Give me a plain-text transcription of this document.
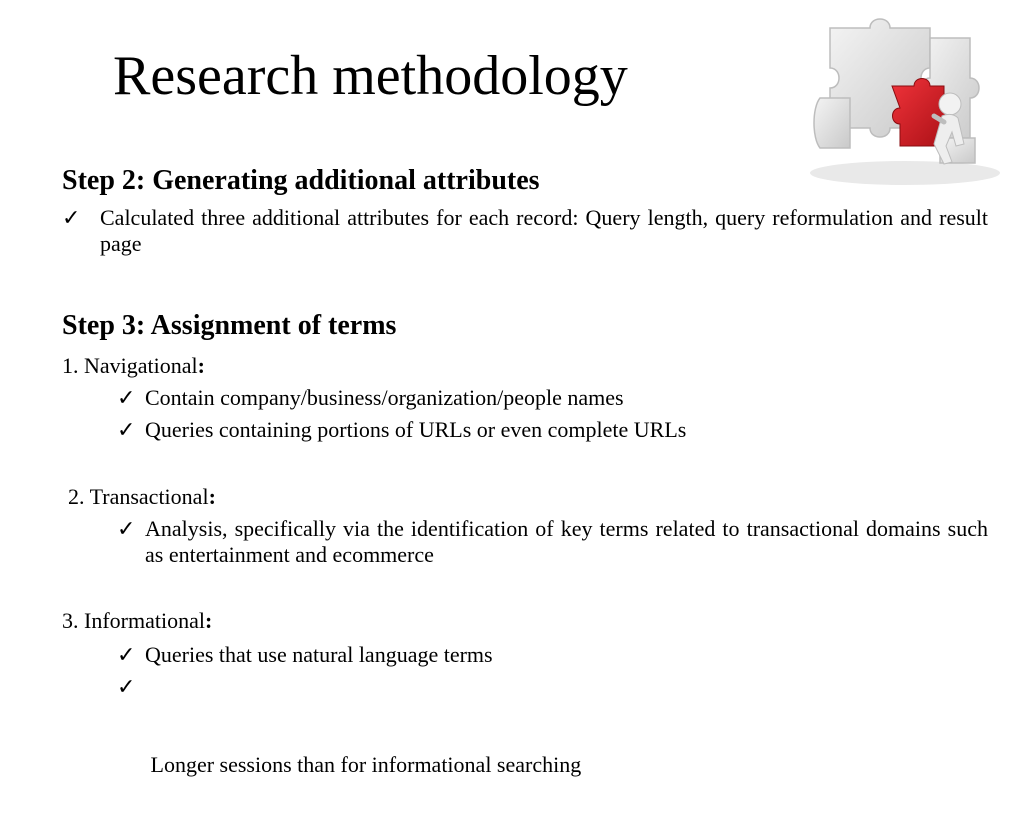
Research methodology
Step 2: Generating additional attributes
✓ Calculated three additional attributes for each record: Query length, query reformulation and result page
Step 3: Assignment of terms
1. Navigational:
✓ Contain company/business/organization/people names
✓ Queries containing portions of URLs or even complete URLs
2. Transactional:
✓ Analysis, specifically via the identification of key terms related to transactional domains such as entertainment and ecommerce
3. Informational:
✓ Queries that use natural language terms

✓

Longer sessions than for informational searching
